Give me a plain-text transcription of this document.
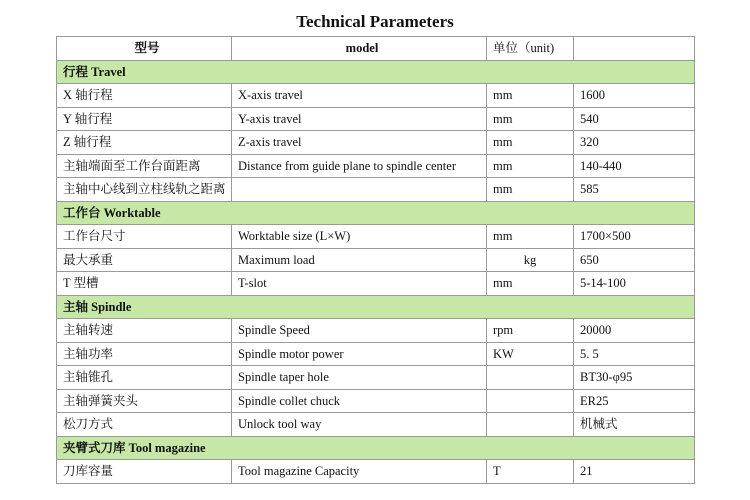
Technical Parameters
型号	model	单位（unit)	
行程 Travel			
X 轴行程	X-axis travel	mm	1600
Y 轴行程	Y-axis travel	mm	540
Z 轴行程	Z-axis travel	mm	320
主轴端面至工作台面距离	Distance from guide plane to spindle center	mm	140-440
主轴中心线到立柱线轨之距离		mm	585
工作台 Worktable			
工作台尺寸	Worktable size (L×W)	mm	1700×500
最大承重	Maximum load	kg	650
T 型槽	T-slot	mm	5-14-100
主轴 Spindle			
主轴转速	Spindle Speed	rpm	20000
主轴功率	Spindle motor power	KW	5. 5
主轴锥孔	Spindle taper hole		BT30-φ95
主轴弹簧夹头	Spindle collet chuck		ER25
松刀方式	Unlock tool way		机械式
夹臂式刀库 Tool magazine			
刀库容量	Tool magazine Capacity	T	21
